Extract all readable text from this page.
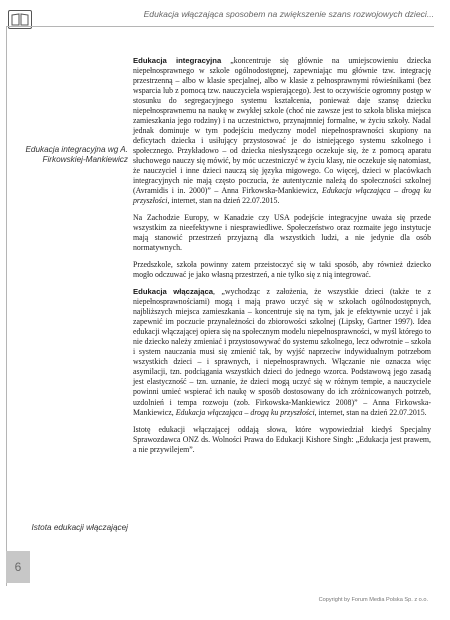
Edukacja włączająca sposobem na zwiększenie szans rozwojowych dzieci...
6
Edukacja integracyjna wg A. Firkowskiej-Mankiewicz
Istota edukacji włączającej

Edukacja integracyjna „koncentruje się głównie na umiejscowieniu dziecka niepełnosprawnego w szkole ogólnodostępnej, zapewniając mu głównie tzw. integrację przestrzenną – albo w klasie specjalnej, albo w klasie z pełnosprawnymi rówieśnikami (bez wsparcia lub z pomocą tzw. nauczyciela wspierającego). Jest to oczywiście ogromny postęp w stosunku do segregacyjnego systemu kształcenia, ponieważ daje szansę dziecku niepełnosprawnemu na naukę w zwykłej szkole (choć nie zawsze jest to szkoła bliska miejsca zamieszkania jego rodziny) i na uczestnictwo, przynajmniej formalne, w życiu szkoły. Nadal jednak dominuje w tym podejściu medyczny model niepełnosprawności skupiony na deficytach dziecka i usiłujący przystosować je do istniejącego systemu szkolnego i społecznego. Przykładowo – od dziecka niesłyszącego oczekuje się, że z pomocą aparatu słuchowego nauczy się mówić, by móc uczestniczyć w życiu klasy, nie oczekuje się natomiast, że nauczyciel i inne dzieci nauczą się języka migowego. Co więcej, dzieci w placówkach integracyjnych nie mają często poczucia, że autentycznie należą do społeczności szkolnej (Avramidis i in. 2000)” – Anna Firkowska-Mankiewicz, Edukacja włączająca – drogą ku przyszłości, internet, stan na dzień 22.07.2015.

Na Zachodzie Europy, w Kanadzie czy USA podejście integracyjne uważa się przede wszystkim za nieefektywne i niesprawiedliwe. Społeczeństwo oraz rozmaite jego instytucje mają stanowić przestrzeń przyjazną dla wszystkich ludzi, a nie jedynie dla osób normatywnych.

Przedszkole, szkoła powinny zatem przeistoczyć się w taki sposób, aby również dziecko mogło odczuwać je jako własną przestrzeń, a nie tylko się z nią integrować.

Edukacja włączająca, „wychodząc z założenia, że wszystkie dzieci (także te z niepełnosprawnościami) mogą i mają prawo uczyć się w szkołach ogólnodostępnych, najbliższych miejsca zamieszkania – koncentruje się na tym, jak je efektywnie uczyć i jak zapewnić im poczucie przynależności do zbiorowości szkolnej (Lipsky, Gartner 1997). Idea edukacji włączającej opiera się na społecznym modelu niepełnosprawności, w myśl którego to nie dziecko należy zmieniać i przystosowywać do systemu szkolnego, lecz odwrotnie – szkoła i system nauczania musi się zmienić tak, by wyjść naprzeciw indywidualnym potrzebom wszystkich dzieci – i sprawnych, i niepełnosprawnych. Włączanie nie oznacza więc asymilacji, tzn. podciągania wszystkich dzieci do jednego wzorca. Podstawową jego zasadą jest elastyczność – tzn. uznanie, że dzieci mogą uczyć się w różnym tempie, a nauczyciele powinni umieć wspierać ich naukę w sposób dostosowany do ich zróżnicowanych potrzeb, uzdolnień i tempa rozwoju (zob. Firkowska-Mankiewicz 2008)” – Anna Firkowska-Mankiewicz, Edukacja włączająca – drogą ku przyszłości, internet, stan na dzień 22.07.2015.

Istotę edukacji włączającej oddają słowa, które wypowiedział kiedyś Specjalny Sprawozdawca ONZ ds. Wolności Prawa do Edukacji Kishore Singh: „Edukacja jest prawem, a nie przywilejem”.

Copyright by Forum Media Polska Sp. z o.o.
